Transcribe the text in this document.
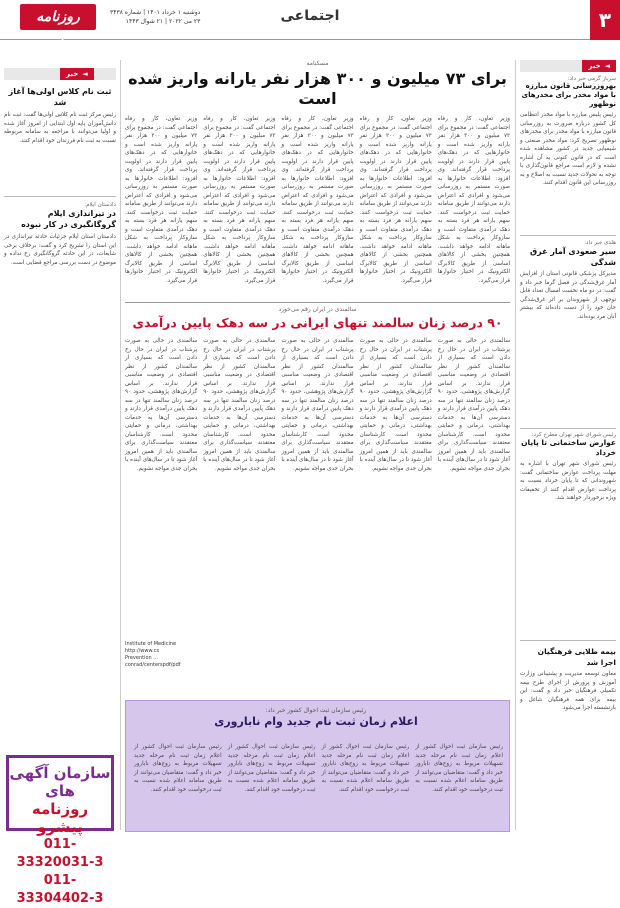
۳
اجتماعی
دوشنبه ۱ خرداد ۱۴۰۱ | شماره ۳۴۳۸
۲۳ می ۲۰۲۲ | ۲۱ شوال ۱۴۴۳
روزنامه پیشرو
◄خبر
سرباز گرمی خبر داد:
بهروزرسانی قانون مبارزه با مواد مخدر برای مخدرهای نوظهور
رئیس پلیس مبارزه با مواد مخدر انتظامی کل کشور درباره ضرورت به روزرسانی قانون مبارزه با مواد مخدر برای مخدرهای نوظهور تصریح کرد: مواد مخدر صنعتی و شیمیایی جدید در کشور مشاهده شده است که در قانون کنونی به آن اشاره نشده و لازم است مراجع قانون‌گذاری با توجه به تحولات جدید نسبت به اصلاح و به روزرسانی این قانون اقدام کنند.
هلدی خبر داد:
سیر صعودی آمار غرق شدگی
مدیرکل پزشکی قانونی استان از افزایش آمار غرق‌شدگی در فصل گرما خبر داد و گفت: در دو ماه نخست امسال تعداد قابل توجهی از شهروندان بر اثر غرق‌شدگی جان خود را از دست داده‌اند که بیشتر آنان مرد بوده‌اند.
رئیس شورای شهر تهران مطرح کرد:
عوارض ساختمانی تا پایان خرداد
رئیس شورای شهر تهران با اشاره به مهلت پرداخت عوارض ساختمانی گفت: شهروندانی که تا پایان خرداد نسبت به پرداخت عوارض اقدام کنند از تخفیفات ویژه برخوردار خواهند شد.
بیمه طلایی فرهنگیان اجرا شد
معاون توسعه مدیریت و پشتیبانی وزارت آموزش و پرورش از اجرای طرح بیمه تکمیلی فرهنگیان خبر داد و گفت: این بیمه برای همه فرهنگیان شاغل و بازنشسته اجرا می‌شود.
◄خبر
ثبت نام کلاس اولی‌ها آغاز شد
رئیس مرکز ثبت نام کلاس اولی‌ها گفت: ثبت نام دانش‌آموزان پایه اول ابتدایی از امروز آغاز شده و اولیا می‌توانند با مراجعه به سامانه مربوطه نسبت به ثبت نام فرزندان خود اقدام کنند.
دادستان ایلام:
در تیراندازی ایلام گروگانگیری در کار نبوده
دادستان استان ایلام جزئیات حادثه تیراندازی در این استان را تشریح کرد و گفت: برخلاف برخی شایعات، در این حادثه گروگانگیری رخ نداده و موضوع در دست بررسی مراجع قضایی است.
سازمان آگهی های
روزنامه پیشرو
011-33320031-3
011-33304402-3
مسکنامه
برای ۷۳ میلیون و ۳۰۰ هزار نفر یارانه واریز شده است
وزیر تعاون، کار و رفاه اجتماعی گفت: در مجموع برای ۷۳ میلیون و ۳۰۰ هزار نفر یارانه واریز شده است و خانوارهایی که در دهک‌های پایین قرار دارند در اولویت پرداخت قرار گرفته‌اند. وی افزود: اطلاعات خانوارها به صورت مستمر به روزرسانی می‌شود و افرادی که اعتراض دارند می‌توانند از طریق سامانه حمایت ثبت درخواست کنند. سهم یارانه هر فرد بسته به دهک درآمدی متفاوت است و سازوکار پرداخت به شکل ماهانه ادامه خواهد داشت. همچنین بخشی از کالاهای اساسی از طریق کالابرگ الکترونیک در اختیار خانوارها قرار می‌گیرد.
وزیر تعاون، کار و رفاه اجتماعی گفت: در مجموع برای ۷۳ میلیون و ۳۰۰ هزار نفر یارانه واریز شده است و خانوارهایی که در دهک‌های پایین قرار دارند در اولویت پرداخت قرار گرفته‌اند. وی افزود: اطلاعات خانوارها به صورت مستمر به روزرسانی می‌شود و افرادی که اعتراض دارند می‌توانند از طریق سامانه حمایت ثبت درخواست کنند. سهم یارانه هر فرد بسته به دهک درآمدی متفاوت است و سازوکار پرداخت به شکل ماهانه ادامه خواهد داشت. همچنین بخشی از کالاهای اساسی از طریق کالابرگ الکترونیک در اختیار خانوارها قرار می‌گیرد.
وزیر تعاون، کار و رفاه اجتماعی گفت: در مجموع برای ۷۳ میلیون و ۳۰۰ هزار نفر یارانه واریز شده است و خانوارهایی که در دهک‌های پایین قرار دارند در اولویت پرداخت قرار گرفته‌اند. وی افزود: اطلاعات خانوارها به صورت مستمر به روزرسانی می‌شود و افرادی که اعتراض دارند می‌توانند از طریق سامانه حمایت ثبت درخواست کنند. سهم یارانه هر فرد بسته به دهک درآمدی متفاوت است و سازوکار پرداخت به شکل ماهانه ادامه خواهد داشت. همچنین بخشی از کالاهای اساسی از طریق کالابرگ الکترونیک در اختیار خانوارها قرار می‌گیرد.
وزیر تعاون، کار و رفاه اجتماعی گفت: در مجموع برای ۷۳ میلیون و ۳۰۰ هزار نفر یارانه واریز شده است و خانوارهایی که در دهک‌های پایین قرار دارند در اولویت پرداخت قرار گرفته‌اند. وی افزود: اطلاعات خانوارها به صورت مستمر به روزرسانی می‌شود و افرادی که اعتراض دارند می‌توانند از طریق سامانه حمایت ثبت درخواست کنند. سهم یارانه هر فرد بسته به دهک درآمدی متفاوت است و سازوکار پرداخت به شکل ماهانه ادامه خواهد داشت. همچنین بخشی از کالاهای اساسی از طریق کالابرگ الکترونیک در اختیار خانوارها قرار می‌گیرد.
وزیر تعاون، کار و رفاه اجتماعی گفت: در مجموع برای ۷۳ میلیون و ۳۰۰ هزار نفر یارانه واریز شده است و خانوارهایی که در دهک‌های پایین قرار دارند در اولویت پرداخت قرار گرفته‌اند. وی افزود: اطلاعات خانوارها به صورت مستمر به روزرسانی می‌شود و افرادی که اعتراض دارند می‌توانند از طریق سامانه حمایت ثبت درخواست کنند. سهم یارانه هر فرد بسته به دهک درآمدی متفاوت است و سازوکار پرداخت به شکل ماهانه ادامه خواهد داشت. همچنین بخشی از کالاهای اساسی از طریق کالابرگ الکترونیک در اختیار خانوارها قرار می‌گیرد.
سالمندی در ایران رقم می‌خورد
۹۰ درصد زنان سالمند تنهای ایرانی در سه دهک پایین درآمدی
سالمندی در حالی به صورت پرشتاب در ایران در حال رخ دادن است که بسیاری از سالمندان کشور از نظر اقتصادی در وضعیت مناسبی قرار ندارند. بر اساس گزارش‌های پژوهشی، حدود ۹۰ درصد زنان سالمند تنها در سه دهک پایین درآمدی قرار دارند و دسترسی آن‌ها به خدمات بهداشتی، درمانی و حمایتی محدود است. کارشناسان معتقدند سیاست‌گذاری برای سالمندی باید از همین امروز آغاز شود تا در سال‌های آینده با بحران جدی مواجه نشویم.
سالمندی در حالی به صورت پرشتاب در ایران در حال رخ دادن است که بسیاری از سالمندان کشور از نظر اقتصادی در وضعیت مناسبی قرار ندارند. بر اساس گزارش‌های پژوهشی، حدود ۹۰ درصد زنان سالمند تنها در سه دهک پایین درآمدی قرار دارند و دسترسی آن‌ها به خدمات بهداشتی، درمانی و حمایتی محدود است. کارشناسان معتقدند سیاست‌گذاری برای سالمندی باید از همین امروز آغاز شود تا در سال‌های آینده با بحران جدی مواجه نشویم.
سالمندی در حالی به صورت پرشتاب در ایران در حال رخ دادن است که بسیاری از سالمندان کشور از نظر اقتصادی در وضعیت مناسبی قرار ندارند. بر اساس گزارش‌های پژوهشی، حدود ۹۰ درصد زنان سالمند تنها در سه دهک پایین درآمدی قرار دارند و دسترسی آن‌ها به خدمات بهداشتی، درمانی و حمایتی محدود است. کارشناسان معتقدند سیاست‌گذاری برای سالمندی باید از همین امروز آغاز شود تا در سال‌های آینده با بحران جدی مواجه نشویم.
سالمندی در حالی به صورت پرشتاب در ایران در حال رخ دادن است که بسیاری از سالمندان کشور از نظر اقتصادی در وضعیت مناسبی قرار ندارند. بر اساس گزارش‌های پژوهشی، حدود ۹۰ درصد زنان سالمند تنها در سه دهک پایین درآمدی قرار دارند و دسترسی آن‌ها به خدمات بهداشتی، درمانی و حمایتی محدود است. کارشناسان معتقدند سیاست‌گذاری برای سالمندی باید از همین امروز آغاز شود تا در سال‌های آینده با بحران جدی مواجه نشویم.
سالمندی در حالی به صورت پرشتاب در ایران در حال رخ دادن است که بسیاری از سالمندان کشور از نظر اقتصادی در وضعیت مناسبی قرار ندارند. بر اساس گزارش‌های پژوهشی، حدود ۹۰ درصد زنان سالمند تنها در سه دهک پایین درآمدی قرار دارند و دسترسی آن‌ها به خدمات بهداشتی، درمانی و حمایتی محدود است. کارشناسان معتقدند سیاست‌گذاری برای سالمندی باید از همین امروز آغاز شود تا در سال‌های آینده با بحران جدی مواجه نشویم.
Institute of Medicine http://www.cs
Prevention ... conrad/centerspdf/pdf
رئیس سازمان ثبت احوال کشور خبر داد:
اعلام زمان ثبت نام جدید وام ناباروری
رئیس سازمان ثبت احوال کشور از اعلام زمان ثبت نام مرحله جدید تسهیلات مربوط به زوج‌های نابارور خبر داد و گفت: متقاضیان می‌توانند از طریق سامانه اعلام شده نسبت به ثبت درخواست خود اقدام کنند.
رئیس سازمان ثبت احوال کشور از اعلام زمان ثبت نام مرحله جدید تسهیلات مربوط به زوج‌های نابارور خبر داد و گفت: متقاضیان می‌توانند از طریق سامانه اعلام شده نسبت به ثبت درخواست خود اقدام کنند.
رئیس سازمان ثبت احوال کشور از اعلام زمان ثبت نام مرحله جدید تسهیلات مربوط به زوج‌های نابارور خبر داد و گفت: متقاضیان می‌توانند از طریق سامانه اعلام شده نسبت به ثبت درخواست خود اقدام کنند.
رئیس سازمان ثبت احوال کشور از اعلام زمان ثبت نام مرحله جدید تسهیلات مربوط به زوج‌های نابارور خبر داد و گفت: متقاضیان می‌توانند از طریق سامانه اعلام شده نسبت به ثبت درخواست خود اقدام کنند.
